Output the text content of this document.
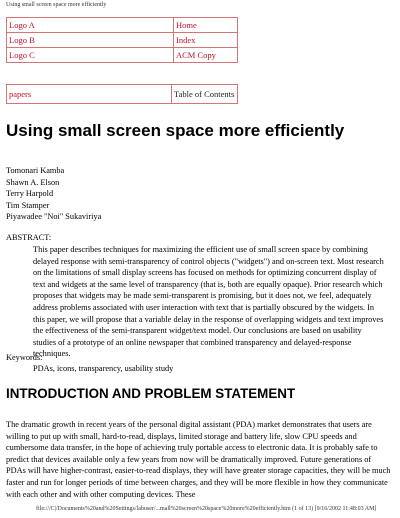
Using small screen space more efficiently
Logo A	Home
Logo B	Index
Logo C	ACM Copy
papers	Table of Contents
Using small screen space more efficiently
Tomonari Kamba
Shawn A. Elson
Terry Harpold
Tim Stamper
Piyawadee "Noi" Sukaviriya
ABSTRACT:

This paper describes techniques for maximizing the efficient use of small screen space by combining delayed response with semi-transparency of control objects ("widgets") and on-screen text. Most research on the limitations of small display screens has focused on methods for optimizing concurrent display of text and widgets at the same level of transparency (that is, both are equally opaque). Prior research which proposes that widgets may be made semi-transparent is promising, but it does not, we feel, adequately address problems associated with user interaction with text that is partially obscured by the widgets. In this paper, we will propose that a variable delay in the response of overlapping widgets and text improves the effectiveness of the semi-transparent widget/text model. Our conclusions are based on usability studies of a prototype of an online newspaper that combined transparency and delayed-response techniques.

Keywords:
PDAs, icons, transparency, usability study
INTRODUCTION AND PROBLEM STATEMENT

The dramatic growth in recent years of the personal digital assistant (PDA) market demonstrates that users are willing to put up with small, hard-to-read, displays, limited storage and battery life, slow CPU speeds and cumbersome data transfer, in the hope of achieving truly portable access to electronic data. It is probably safe to predict that devices available only a few years from now will be dramatically improved. Future generations of PDAs will have higher-contrast, easier-to-read displays, they will have greater storage capacities, they will be much faster and run for longer periods of time between charges, and they will be more flexible in how they communicate with each other and with other computing devices. These

file:///C|/Documents%20and%20Settings/labuser/...mall%20screen%20space%20more%20efficiently.htm (1 of 13) [9/16/2002 11:48:03 AM]
